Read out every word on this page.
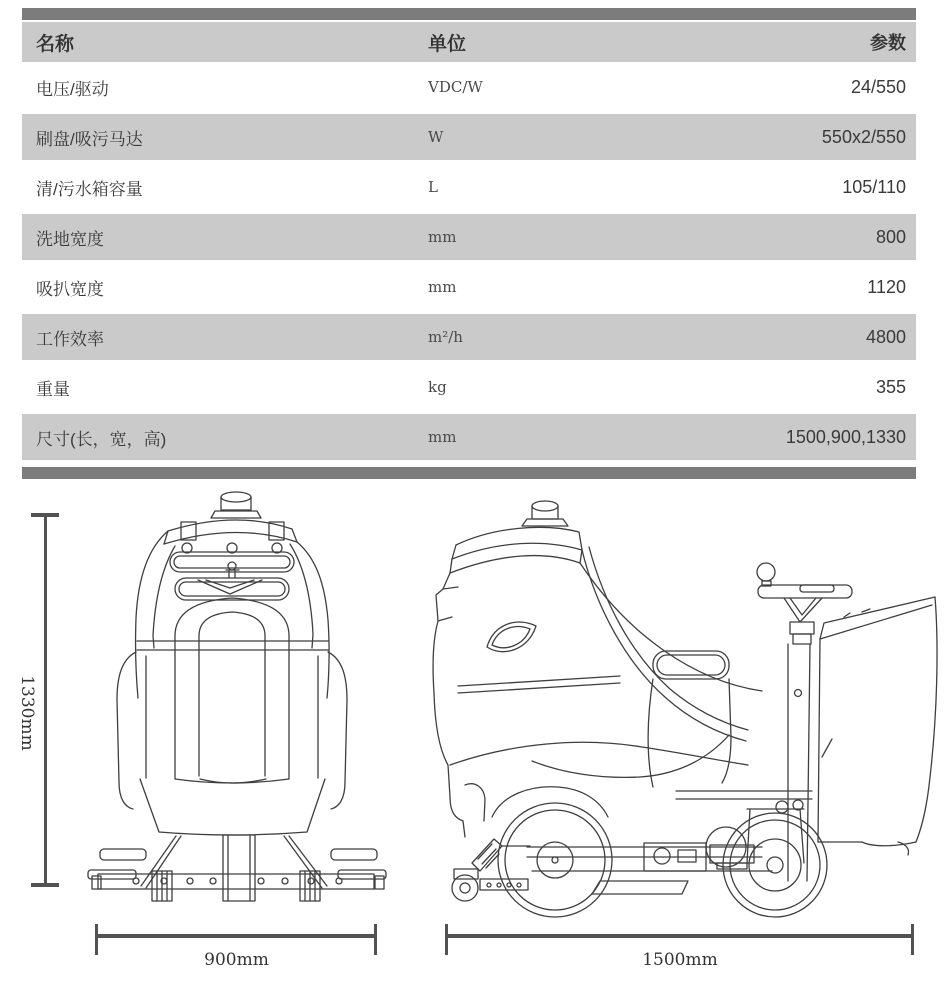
名称	单位	参数
电压/驱动	VDC/W	24/550
刷盘/吸污马达	W	550x2/550
清/污水箱容量	L	105/110
洗地宽度	mm	800
吸扒宽度	mm	1120
工作效率	m²/h	4800
重量	kg	355
尺寸(长，宽，高)	mm	1500,900,1330
1330mm
900mm	1500mm
